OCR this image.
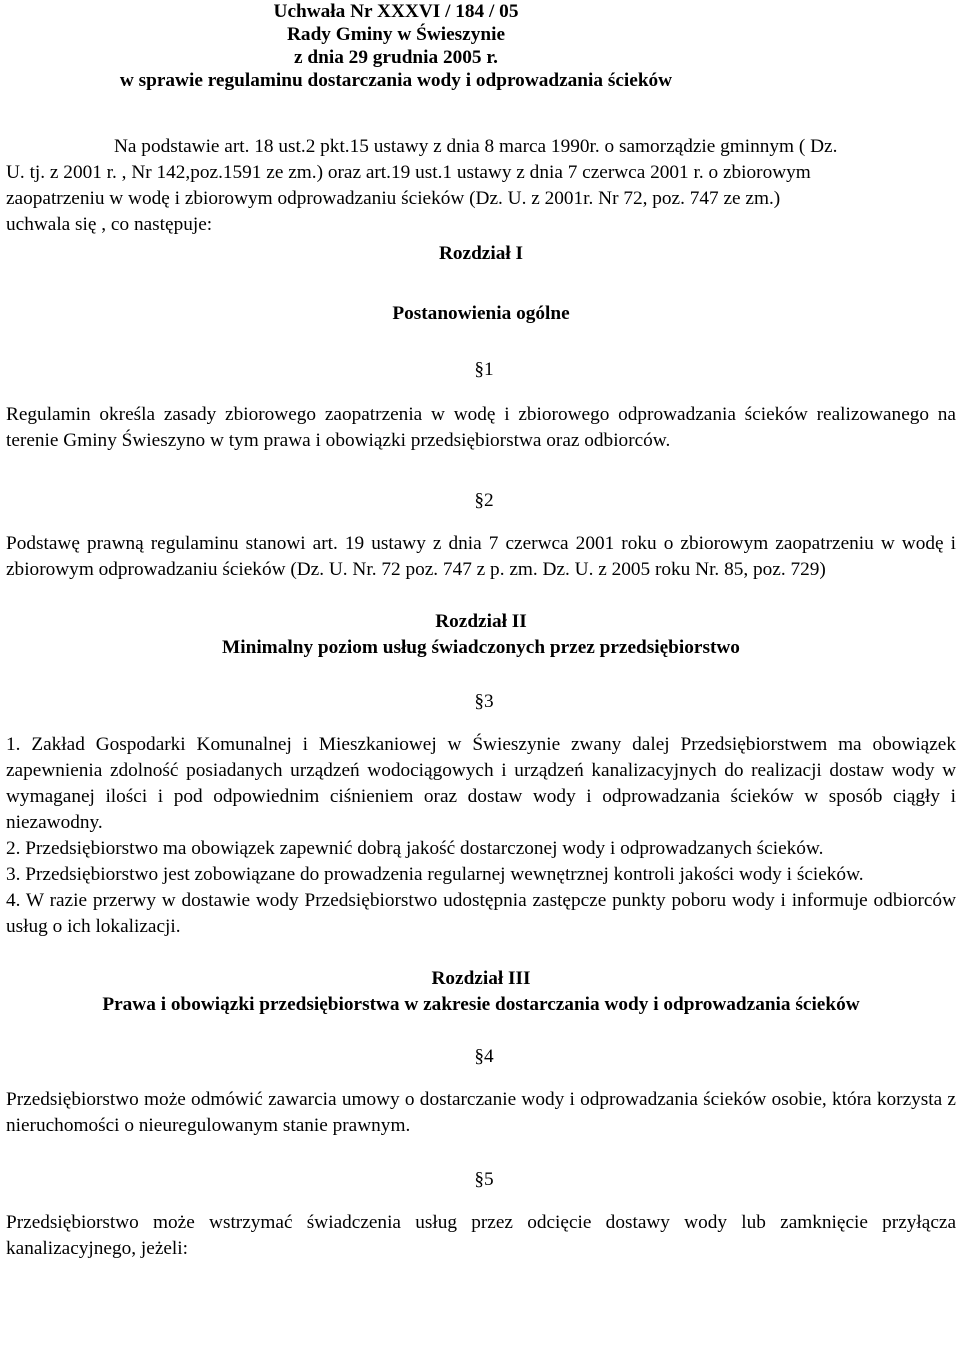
Uchwała Nr XXXVI / 184 / 05
Rady Gminy w Świeszynie
z dnia 29 grudnia 2005 r.
w sprawie regulaminu dostarczania wody i odprowadzania ścieków
Na podstawie art. 18 ust.2 pkt.15 ustawy z dnia 8 marca 1990r. o samorządzie gminnym ( Dz.
U. tj. z 2001 r. , Nr 142,poz.1591 ze zm.) oraz art.19 ust.1 ustawy z dnia 7 czerwca 2001 r. o zbiorowym
zaopatrzeniu w wodę i zbiorowym odprowadzaniu ścieków (Dz. U. z 2001r. Nr 72, poz. 747 ze zm.)
uchwala się , co następuje:
Rozdział I
Postanowienia ogólne
§1
Regulamin określa zasady zbiorowego zaopatrzenia w wodę i zbiorowego odprowadzania ścieków realizowanego na terenie Gminy Świeszyno w tym prawa i obowiązki przedsiębiorstwa oraz odbiorców.
§2
Podstawę prawną regulaminu stanowi art. 19 ustawy z dnia 7 czerwca 2001 roku o zbiorowym zaopatrzeniu w wodę i zbiorowym odprowadzaniu ścieków (Dz. U. Nr. 72 poz. 747 z p. zm. Dz. U. z 2005 roku Nr. 85, poz. 729)
Rozdział II
Minimalny poziom usług świadczonych przez przedsiębiorstwo
§3
1. Zakład Gospodarki Komunalnej i Mieszkaniowej w Świeszynie zwany dalej Przedsiębiorstwem ma obowiązek zapewnienia zdolność posiadanych urządzeń wodociągowych i urządzeń kanalizacyjnych do realizacji dostaw wody w wymaganej ilości i pod odpowiednim ciśnieniem oraz dostaw wody i odprowadzania ścieków w sposób ciągły i niezawodny.
2. Przedsiębiorstwo ma obowiązek zapewnić dobrą jakość dostarczonej wody i odprowadzanych ścieków.
3. Przedsiębiorstwo jest zobowiązane do prowadzenia regularnej wewnętrznej kontroli jakości wody i ścieków.
4. W razie przerwy w dostawie wody Przedsiębiorstwo udostępnia zastępcze punkty poboru wody i informuje odbiorców usług o ich lokalizacji.
Rozdział III
Prawa i obowiązki przedsiębiorstwa w zakresie dostarczania wody i odprowadzania ścieków
§4
Przedsiębiorstwo może odmówić zawarcia umowy o dostarczanie wody i odprowadzania ścieków osobie, która korzysta z nieruchomości o nieuregulowanym stanie prawnym.
§5
Przedsiębiorstwo może wstrzymać świadczenia usług przez odcięcie dostawy wody lub zamknięcie przyłącza kanalizacyjnego, jeżeli:
